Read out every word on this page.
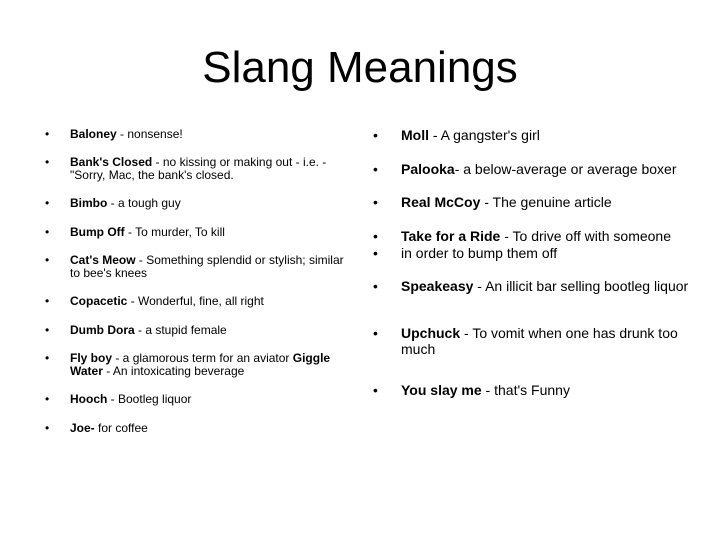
Slang Meanings
• Baloney - nonsense!
• Bank's Closed - no kissing or making out - i.e. - "Sorry, Mac, the bank's closed.
• Bimbo - a tough guy
• Bump Off - To murder, To kill
• Cat's Meow - Something splendid or stylish; similar to bee's knees
• Copacetic - Wonderful, fine, all right
• Dumb Dora - a stupid female
• Fly boy - a glamorous term for an aviator Giggle Water - An intoxicating beverage
• Hooch - Bootleg liquor
• Joe- for coffee
• Moll - A gangster's girl
• Palooka- a below-average or average boxer
• Real McCoy - The genuine article
• Take for a Ride - To drive off with someone
• in order to bump them off
• Speakeasy - An illicit bar selling bootleg liquor
• Upchuck - To vomit when one has drunk too much
• You slay me - that's Funny
